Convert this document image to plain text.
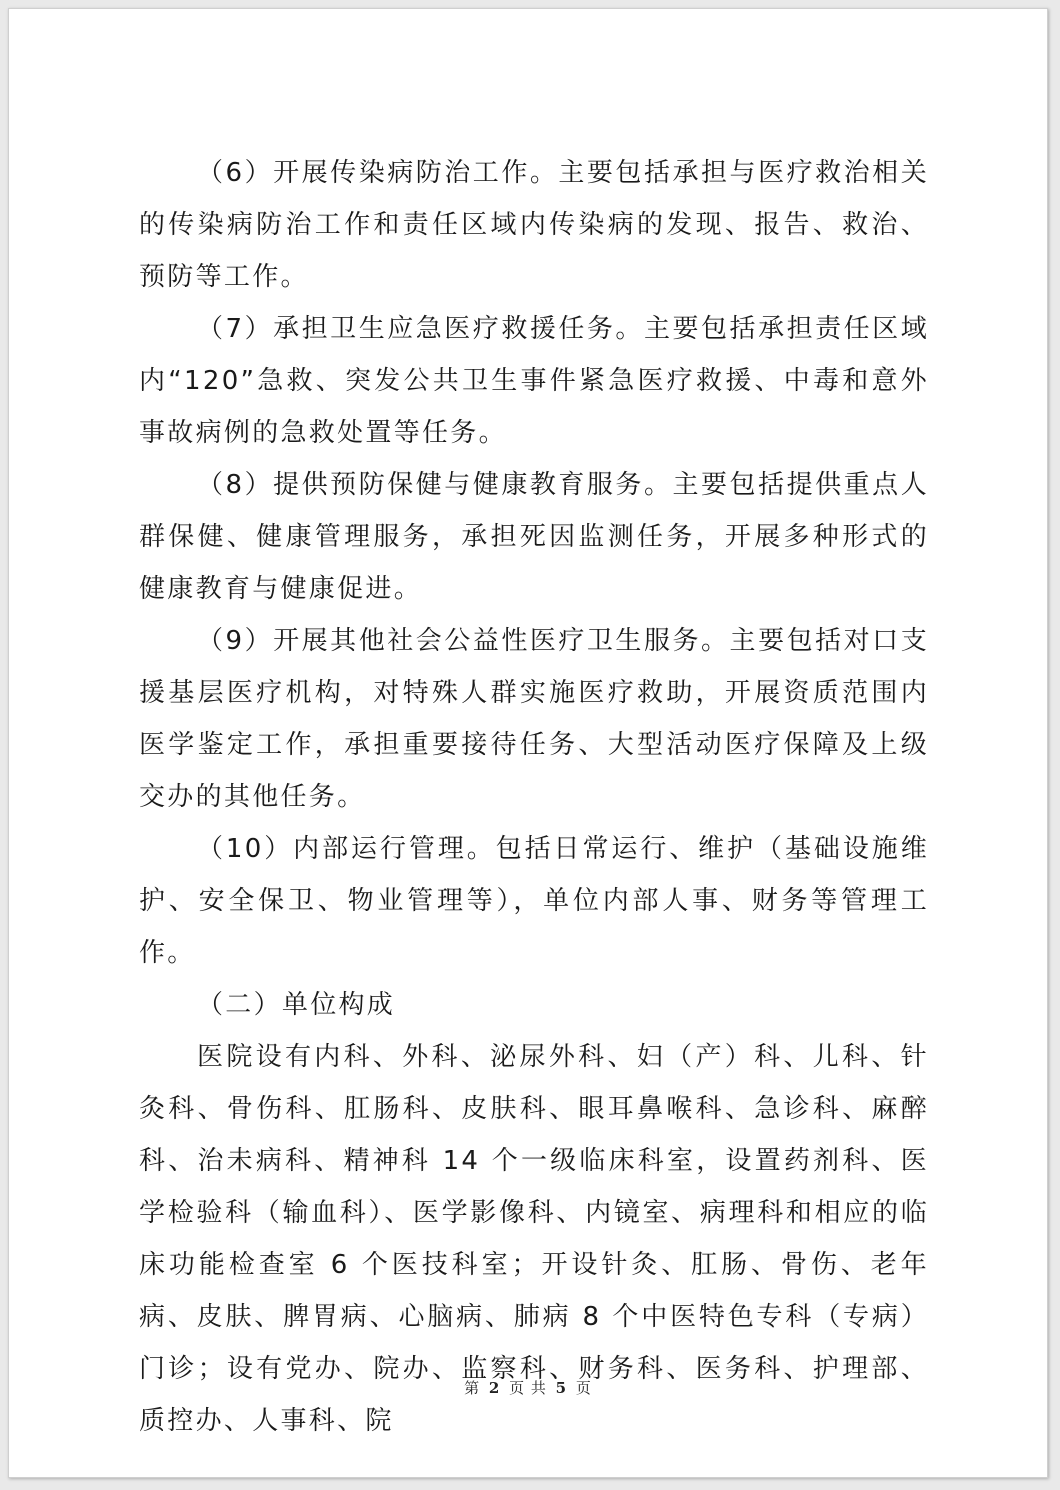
（6）开展传染病防治工作。主要包括承担与医疗救治相关的传染病防治工作和责任区域内传染病的发现、报告、救治、预防等工作。

（7）承担卫生应急医疗救援任务。主要包括承担责任区域内“120”急救、突发公共卫生事件紧急医疗救援、中毒和意外事故病例的急救处置等任务。

（8）提供预防保健与健康教育服务。主要包括提供重点人群保健、健康管理服务，承担死因监测任务，开展多种形式的健康教育与健康促进。

（9）开展其他社会公益性医疗卫生服务。主要包括对口支援基层医疗机构，对特殊人群实施医疗救助，开展资质范围内医学鉴定工作，承担重要接待任务、大型活动医疗保障及上级交办的其他任务。

（10）内部运行管理。包括日常运行、维护（基础设施维护、安全保卫、物业管理等），单位内部人事、财务等管理工作。

（二）单位构成

医院设有内科、外科、泌尿外科、妇（产）科、儿科、针灸科、骨伤科、肛肠科、皮肤科、眼耳鼻喉科、急诊科、麻醉科、治未病科、精神科 14 个一级临床科室，设置药剂科、医学检验科（输血科）、医学影像科、内镜室、病理科和相应的临床功能检查室 6 个医技科室；开设针灸、肛肠、骨伤、老年病、皮肤、脾胃病、心脑病、肺病 8 个中医特色专科（专病）门诊；设有党办、院办、监察科、财务科、医务科、护理部、质控办、人事科、院

第 2 页 共 5 页
